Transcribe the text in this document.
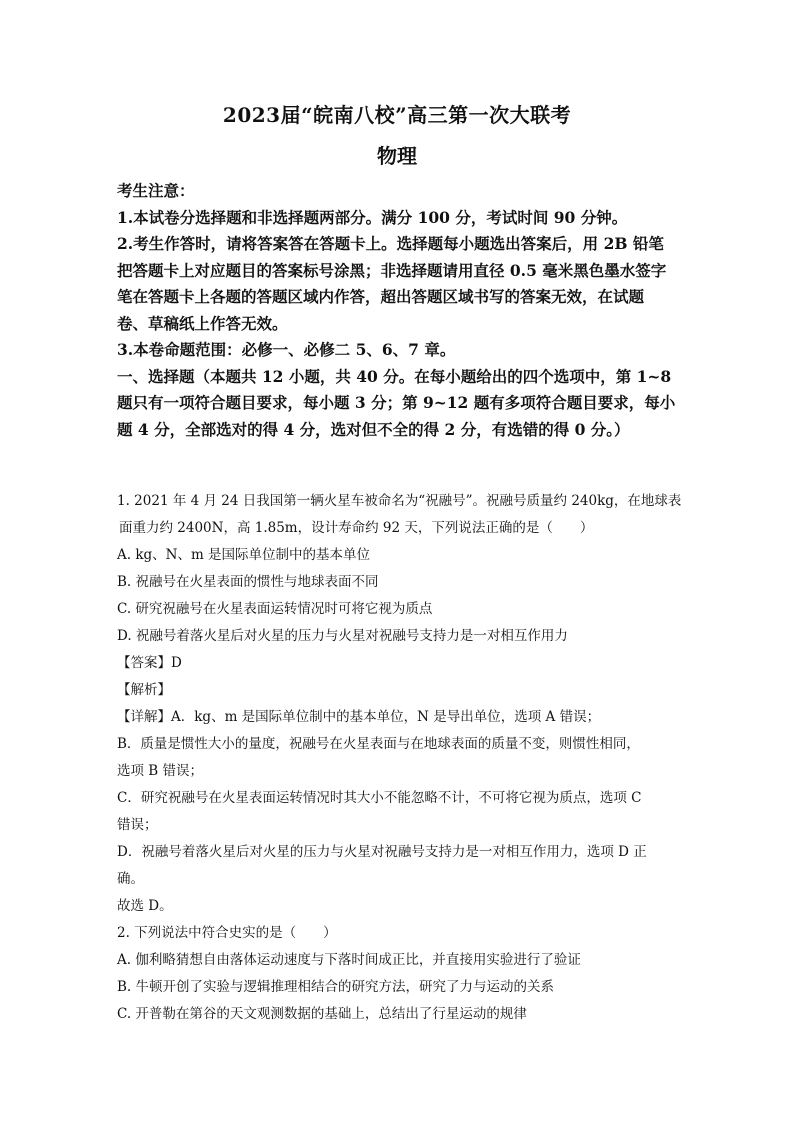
2023届“皖南八校”高三第一次大联考
物理

考生注意：

1.本试卷分选择题和非选择题两部分。满分 100 分，考试时间 90 分钟。

2.考生作答时，请将答案答在答题卡上。选择题每小题选出答案后，用 2B 铅笔

把答题卡上对应题目的答案标号涂黑；非选择题请用直径 0.5 毫米黑色墨水签字

笔在答题卡上各题的答题区域内作答，超出答题区域书写的答案无效，在试题

卷、草稿纸上作答无效。

3.本卷命题范围：必修一、必修二 5、6、7 章。

一、选择题（本题共 12 小题，共 40 分。在每小题给出的四个选项中，第 1~8

题只有一项符合题目要求，每小题 3 分；第 9~12 题有多项符合题目要求，每小

题 4 分，全部选对的得 4 分，选对但不全的得 2 分，有选错的得 0 分。）

1. 2021 年 4 月 24 日我国第一辆火星车被命名为“祝融号”。祝融号质量约 240kg，在地球表

面重力约 2400N，高 1.85m，设计寿命约 92 天，下列说法正确的是（　　）

A. kg、N、m 是国际单位制中的基本单位

B. 祝融号在火星表面的惯性与地球表面不同

C. 研究祝融号在火星表面运转情况时可将它视为质点

D. 祝融号着落火星后对火星的压力与火星对祝融号支持力是一对相互作用力

【答案】D

【解析】

【详解】A．kg、m 是国际单位制中的基本单位，N 是导出单位，选项 A 错误；

B．质量是惯性大小的量度，祝融号在火星表面与在地球表面的质量不变，则惯性相同，

选项 B 错误；

C．研究祝融号在火星表面运转情况时其大小不能忽略不计，不可将它视为质点，选项 C

错误；

D．祝融号着落火星后对火星的压力与火星对祝融号支持力是一对相互作用力，选项 D 正

确。

故选 D。

2. 下列说法中符合史实的是（　　）

A. 伽利略猜想自由落体运动速度与下落时间成正比，并直接用实验进行了验证

B. 牛顿开创了实验与逻辑推理相结合的研究方法，研究了力与运动的关系

C. 开普勒在第谷的天文观测数据的基础上，总结出了行星运动的规律
